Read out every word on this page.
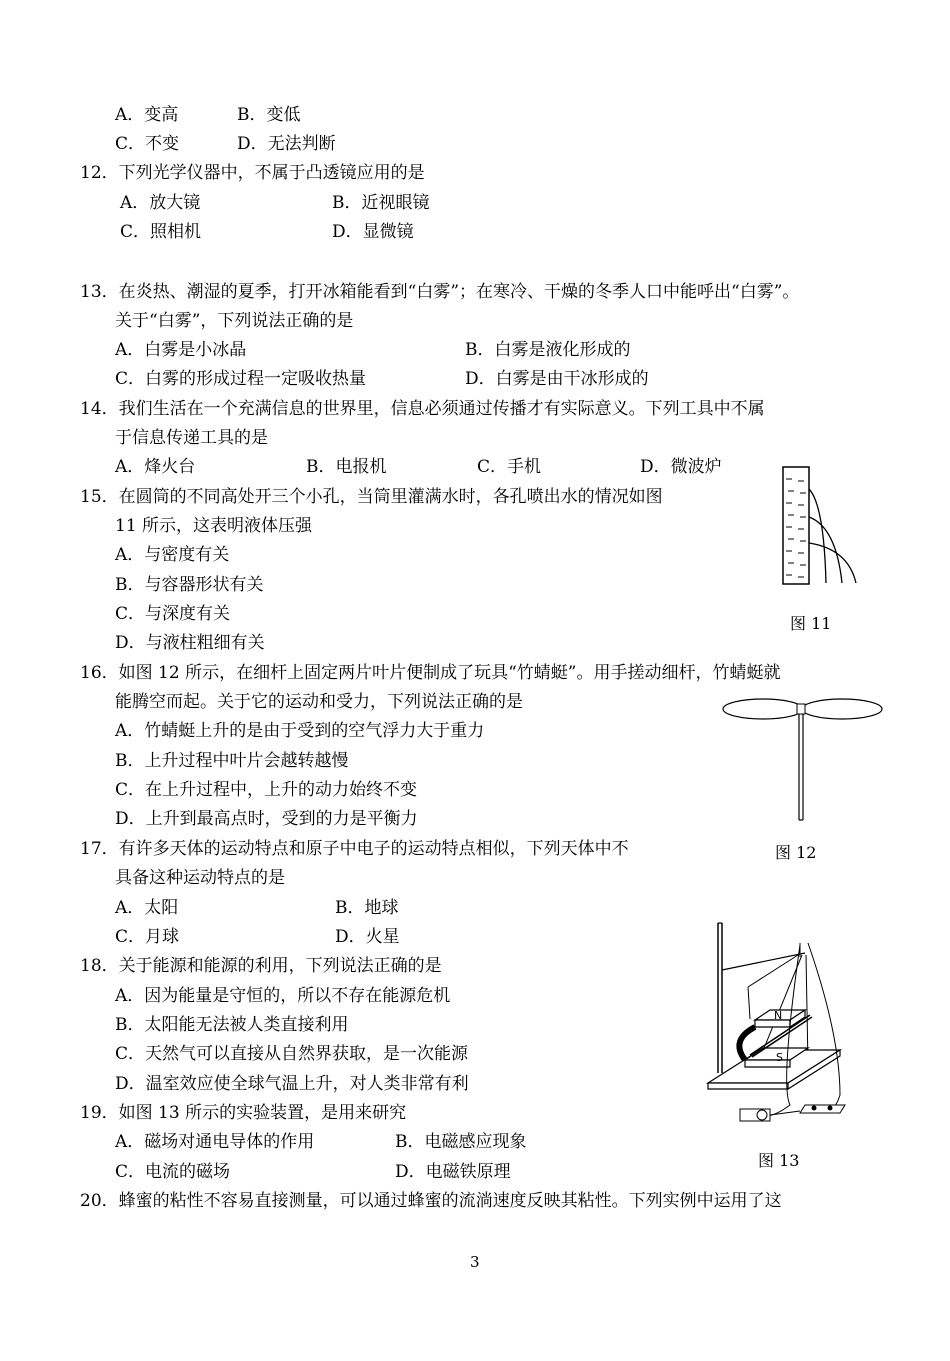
A．变高	B．变低
C．不变	D．无法判断
12．下列光学仪器中，不属于凸透镜应用的是
A．放大镜	B．近视眼镜
C．照相机	D．显微镜
13．在炎热、潮湿的夏季，打开冰箱能看到“白雾”；在寒冷、干燥的冬季人口中能呼出“白雾”。
关于“白雾”，下列说法正确的是
A．白雾是小冰晶	B．白雾是液化形成的
C．白雾的形成过程一定吸收热量	D．白雾是由干冰形成的
14．我们生活在一个充满信息的世界里，信息必须通过传播才有实际意义。下列工具中不属
于信息传递工具的是
A．烽火台	B．电报机	C．手机	D．微波炉
15．在圆筒的不同高处开三个小孔，当筒里灌满水时，各孔喷出水的情况如图
11 所示，这表明液体压强
A．与密度有关
B．与容器形状有关
C．与深度有关
D．与液柱粗细有关
图 11
16．如图 12 所示，在细杆上固定两片叶片便制成了玩具“竹蜻蜓”。用手搓动细杆，竹蜻蜓就
能腾空而起。关于它的运动和受力，下列说法正确的是
A．竹蜻蜓上升的是由于受到的空气浮力大于重力
B．上升过程中叶片会越转越慢
C．在上升过程中，上升的动力始终不变
D．上升到最高点时，受到的力是平衡力
图 12
17．有许多天体的运动特点和原子中电子的运动特点相似，下列天体中不
具备这种运动特点的是
A．太阳	B．地球
C．月球	D．火星
18．关于能源和能源的利用，下列说法正确的是
A．因为能量是守恒的，所以不存在能源危机
B．太阳能无法被人类直接利用
C．天然气可以直接从自然界获取，是一次能源
D．温室效应使全球气温上升，对人类非常有利
N
S
图 13
19．如图 13 所示的实验装置，是用来研究
A．磁场对通电导体的作用	B．电磁感应现象
C．电流的磁场	D．电磁铁原理
20．蜂蜜的粘性不容易直接测量，可以通过蜂蜜的流淌速度反映其粘性。下列实例中运用了这
3
